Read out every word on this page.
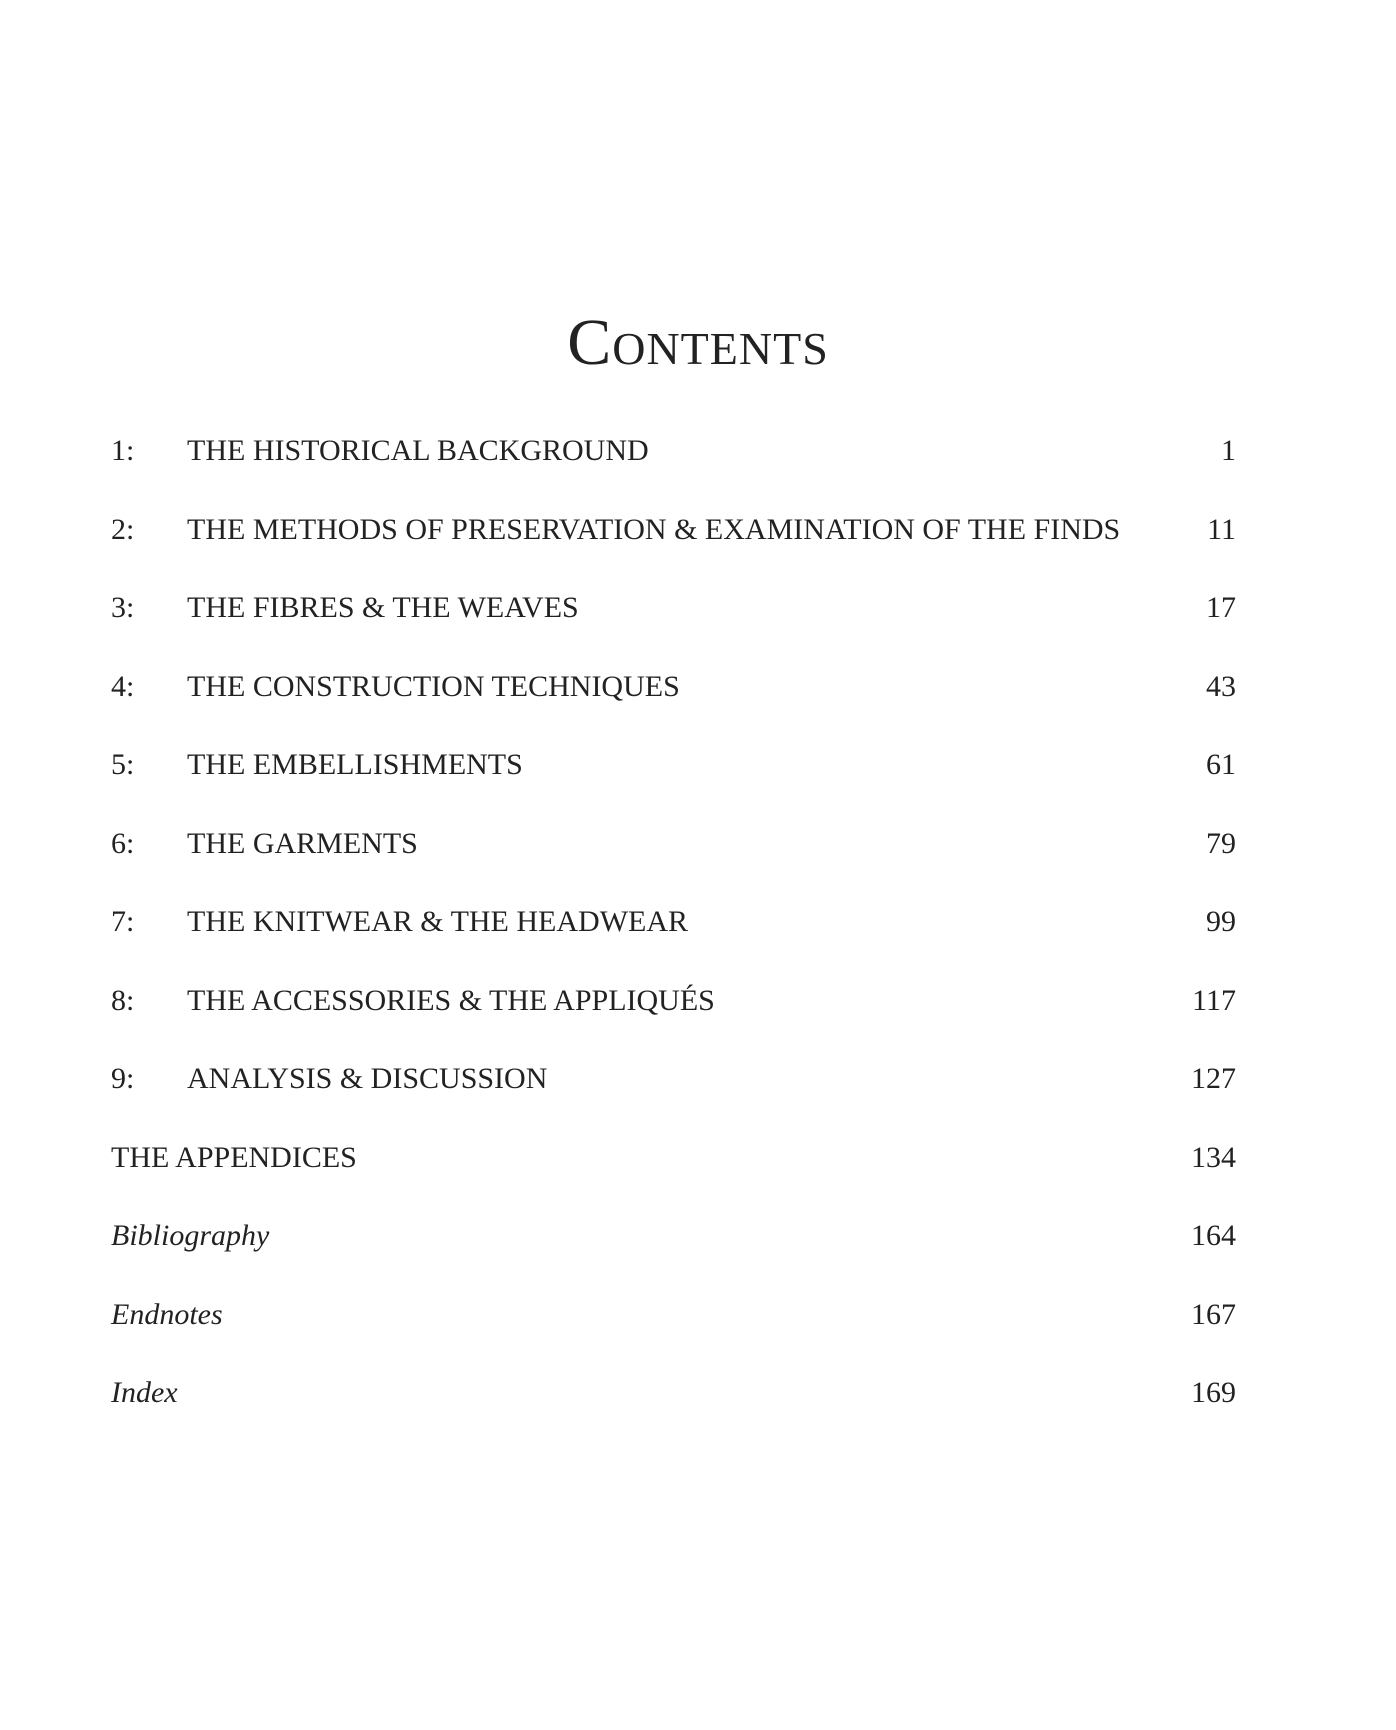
Contents
1:	THE HISTORICAL BACKGROUND	1
2:	THE METHODS OF PRESERVATION & EXAMINATION OF THE FINDS	11
3:	THE FIBRES & THE WEAVES	17
4:	THE CONSTRUCTION TECHNIQUES	43
5:	THE EMBELLISHMENTS	61
6:	THE GARMENTS	79
7:	THE KNITWEAR & THE HEADWEAR	99
8:	THE ACCESSORIES & THE APPLIQUÉS	117
9:	ANALYSIS & DISCUSSION	127
THE APPENDICES	134
Bibliography	164
Endnotes	167
Index	169
